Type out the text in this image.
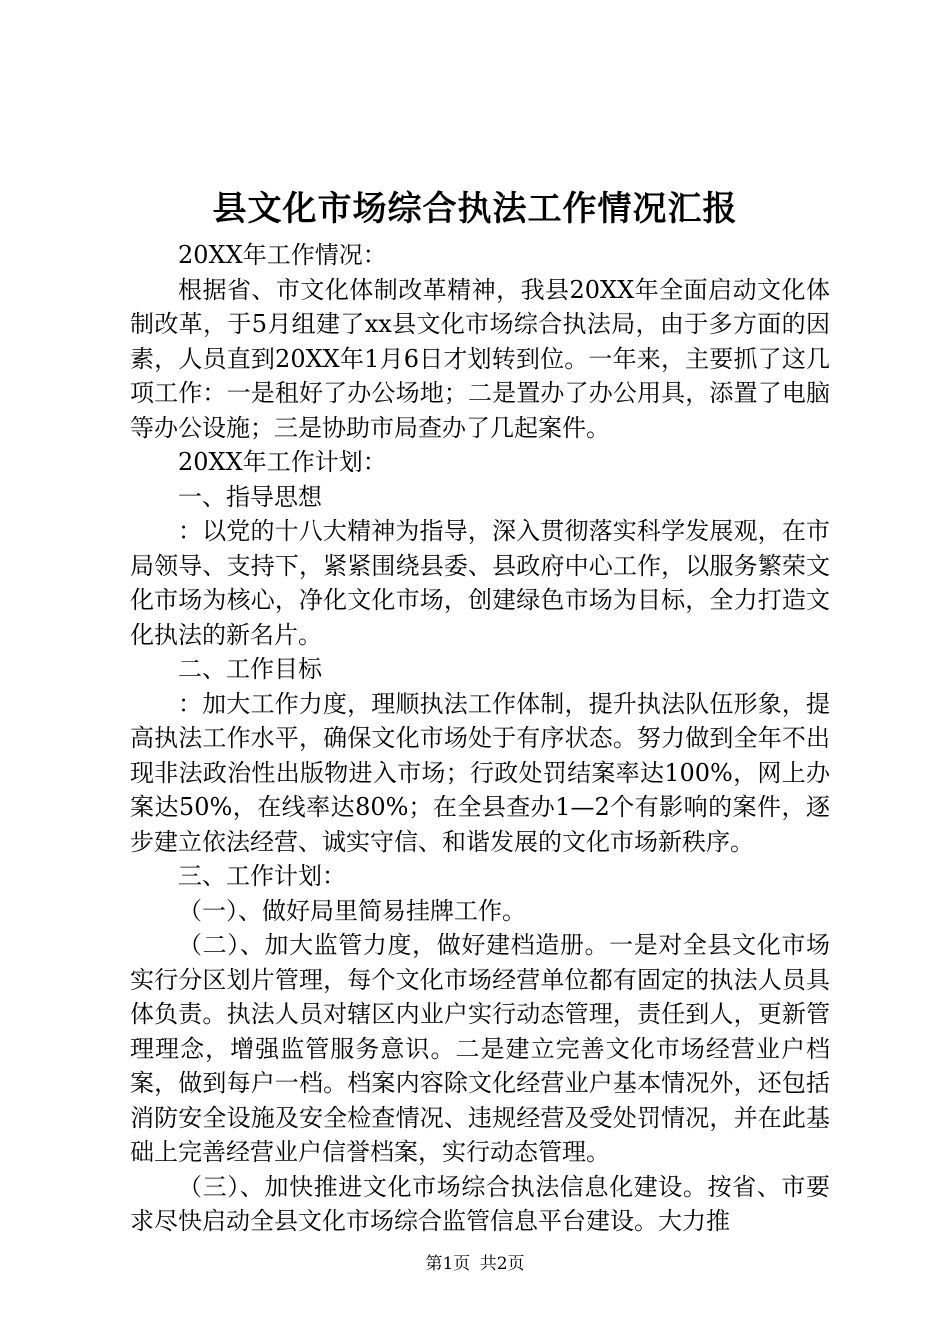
县文化市场综合执法工作情况汇报

20XX年工作情况：

根据省、市文化体制改革精神，我县20XX年全面启动文化体制改革，于5月组建了xx县文化市场综合执法局，由于多方面的因素，人员直到20XX年1月6日才划转到位。一年来，主要抓了这几项工作：一是租好了办公场地；二是置办了办公用具，添置了电脑等办公设施；三是协助市局查办了几起案件。

20XX年工作计划：

一、指导思想

：以党的十八大精神为指导，深入贯彻落实科学发展观，在市局领导、支持下，紧紧围绕县委、县政府中心工作，以服务繁荣文化市场为核心，净化文化市场，创建绿色市场为目标，全力打造文化执法的新名片。

二、工作目标

：加大工作力度，理顺执法工作体制，提升执法队伍形象，提高执法工作水平，确保文化市场处于有序状态。努力做到全年不出现非法政治性出版物进入市场；行政处罚结案率达100%，网上办案达50%，在线率达80%；在全县查办1—2个有影响的案件，逐步建立依法经营、诚实守信、和谐发展的文化市场新秩序。

三、工作计划：

（一）、做好局里简易挂牌工作。

（二）、加大监管力度，做好建档造册。一是对全县文化市场实行分区划片管理，每个文化市场经营单位都有固定的执法人员具体负责。执法人员对辖区内业户实行动态管理，责任到人，更新管理理念，增强监管服务意识。二是建立完善文化市场经营业户档案，做到每户一档。档案内容除文化经营业户基本情况外，还包括消防安全设施及安全检查情况、违规经营及受处罚情况，并在此基础上完善经营业户信誉档案，实行动态管理。

（三）、加快推进文化市场综合执法信息化建设。按省、市要求尽快启动全县文化市场综合监管信息平台建设。大力推

第1页 共2页
